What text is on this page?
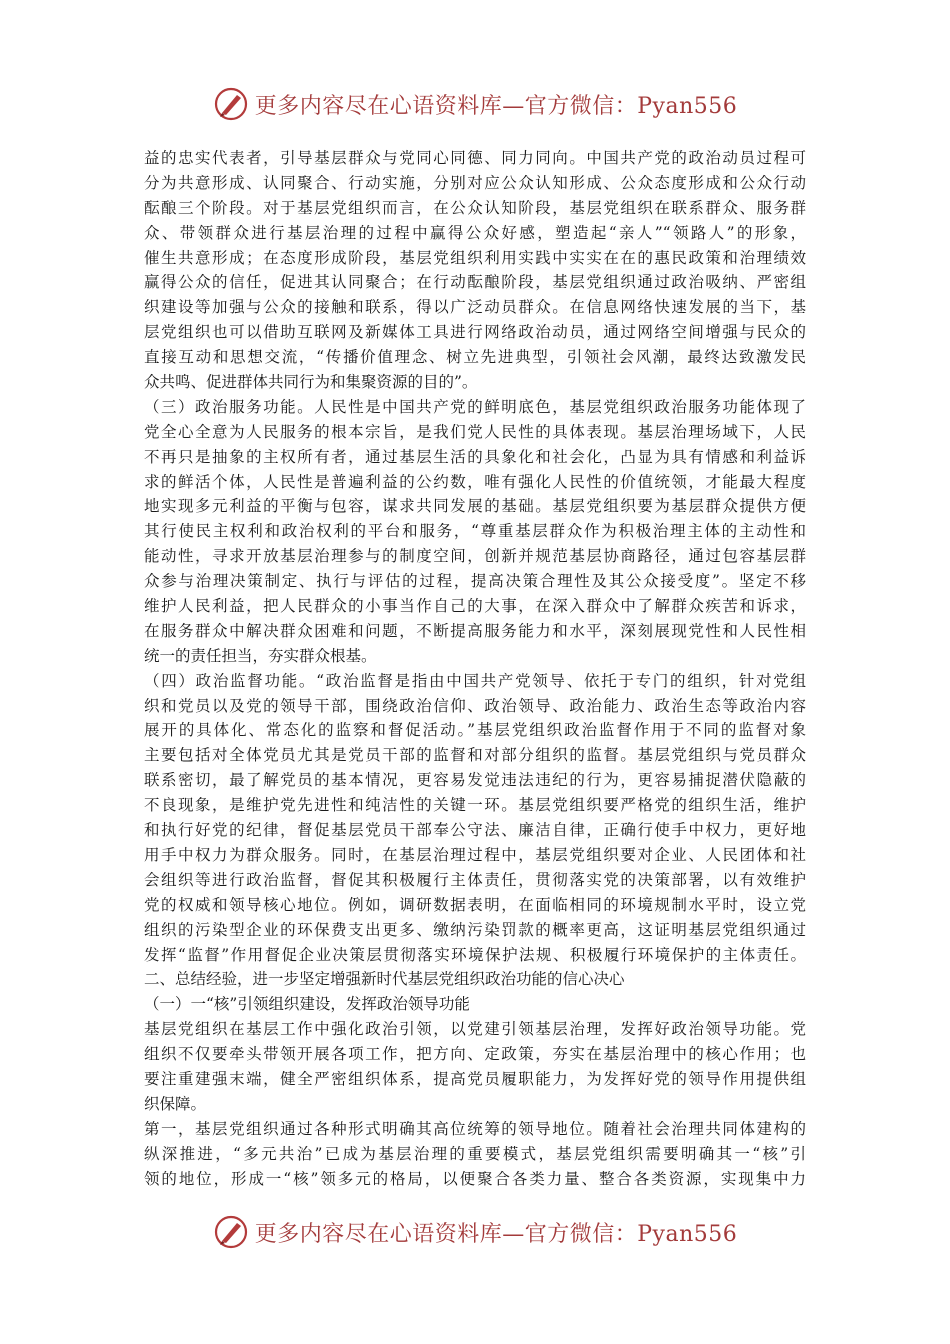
更多内容尽在心语资料库—官方微信：Pyan556
益的忠实代表者，引导基层群众与党同心同德、同力同向。中国共产党的政治动员过程可
分为共意形成、认同聚合、行动实施，分别对应公众认知形成、公众态度形成和公众行动
酝酿三个阶段。对于基层党组织而言，在公众认知阶段，基层党组织在联系群众、服务群
众、带领群众进行基层治理的过程中赢得公众好感，塑造起“亲人”“领路人”的形象，
催生共意形成；在态度形成阶段，基层党组织利用实践中实实在在的惠民政策和治理绩效
赢得公众的信任，促进其认同聚合；在行动酝酿阶段，基层党组织通过政治吸纳、严密组
织建设等加强与公众的接触和联系，得以广泛动员群众。在信息网络快速发展的当下，基
层党组织也可以借助互联网及新媒体工具进行网络政治动员，通过网络空间增强与民众的
直接互动和思想交流，“传播价值理念、树立先进典型，引领社会风潮，最终达致激发民
众共鸣、促进群体共同行为和集聚资源的目的”。
（三）政治服务功能。人民性是中国共产党的鲜明底色，基层党组织政治服务功能体现了
党全心全意为人民服务的根本宗旨，是我们党人民性的具体表现。基层治理场域下，人民
不再只是抽象的主权所有者，通过基层生活的具象化和社会化，凸显为具有情感和利益诉
求的鲜活个体，人民性是普遍利益的公约数，唯有强化人民性的价值统领，才能最大程度
地实现多元利益的平衡与包容，谋求共同发展的基础。基层党组织要为基层群众提供方便
其行使民主权利和政治权利的平台和服务，“尊重基层群众作为积极治理主体的主动性和
能动性，寻求开放基层治理参与的制度空间，创新并规范基层协商路径，通过包容基层群
众参与治理决策制定、执行与评估的过程，提高决策合理性及其公众接受度”。坚定不移
维护人民利益，把人民群众的小事当作自己的大事，在深入群众中了解群众疾苦和诉求，
在服务群众中解决群众困难和问题，不断提高服务能力和水平，深刻展现党性和人民性相
统一的责任担当，夯实群众根基。
（四）政治监督功能。“政治监督是指由中国共产党领导、依托于专门的组织，针对党组
织和党员以及党的领导干部，围绕政治信仰、政治领导、政治能力、政治生态等政治内容
展开的具体化、常态化的监察和督促活动。”基层党组织政治监督作用于不同的监督对象
主要包括对全体党员尤其是党员干部的监督和对部分组织的监督。基层党组织与党员群众
联系密切，最了解党员的基本情况，更容易发觉违法违纪的行为，更容易捕捉潜伏隐蔽的
不良现象，是维护党先进性和纯洁性的关键一环。基层党组织要严格党的组织生活，维护
和执行好党的纪律，督促基层党员干部奉公守法、廉洁自律，正确行使手中权力，更好地
用手中权力为群众服务。同时，在基层治理过程中，基层党组织要对企业、人民团体和社
会组织等进行政治监督，督促其积极履行主体责任，贯彻落实党的决策部署，以有效维护
党的权威和领导核心地位。例如，调研数据表明，在面临相同的环境规制水平时，设立党
组织的污染型企业的环保费支出更多、缴纳污染罚款的概率更高，这证明基层党组织通过
发挥“监督”作用督促企业决策层贯彻落实环境保护法规、积极履行环境保护的主体责任。
二、总结经验，进一步坚定增强新时代基层党组织政治功能的信心决心
（一）一“核”引领组织建设，发挥政治领导功能
基层党组织在基层工作中强化政治引领，以党建引领基层治理，发挥好政治领导功能。党
组织不仅要牵头带领开展各项工作，把方向、定政策，夯实在基层治理中的核心作用；也
要注重建强末端，健全严密组织体系，提高党员履职能力，为发挥好党的领导作用提供组
织保障。
第一，基层党组织通过各种形式明确其高位统筹的领导地位。随着社会治理共同体建构的
纵深推进，“多元共治”已成为基层治理的重要模式，基层党组织需要明确其一“核”引
领的地位，形成一“核”领多元的格局，以便聚合各类力量、整合各类资源，实现集中力
更多内容尽在心语资料库—官方微信：Pyan556
